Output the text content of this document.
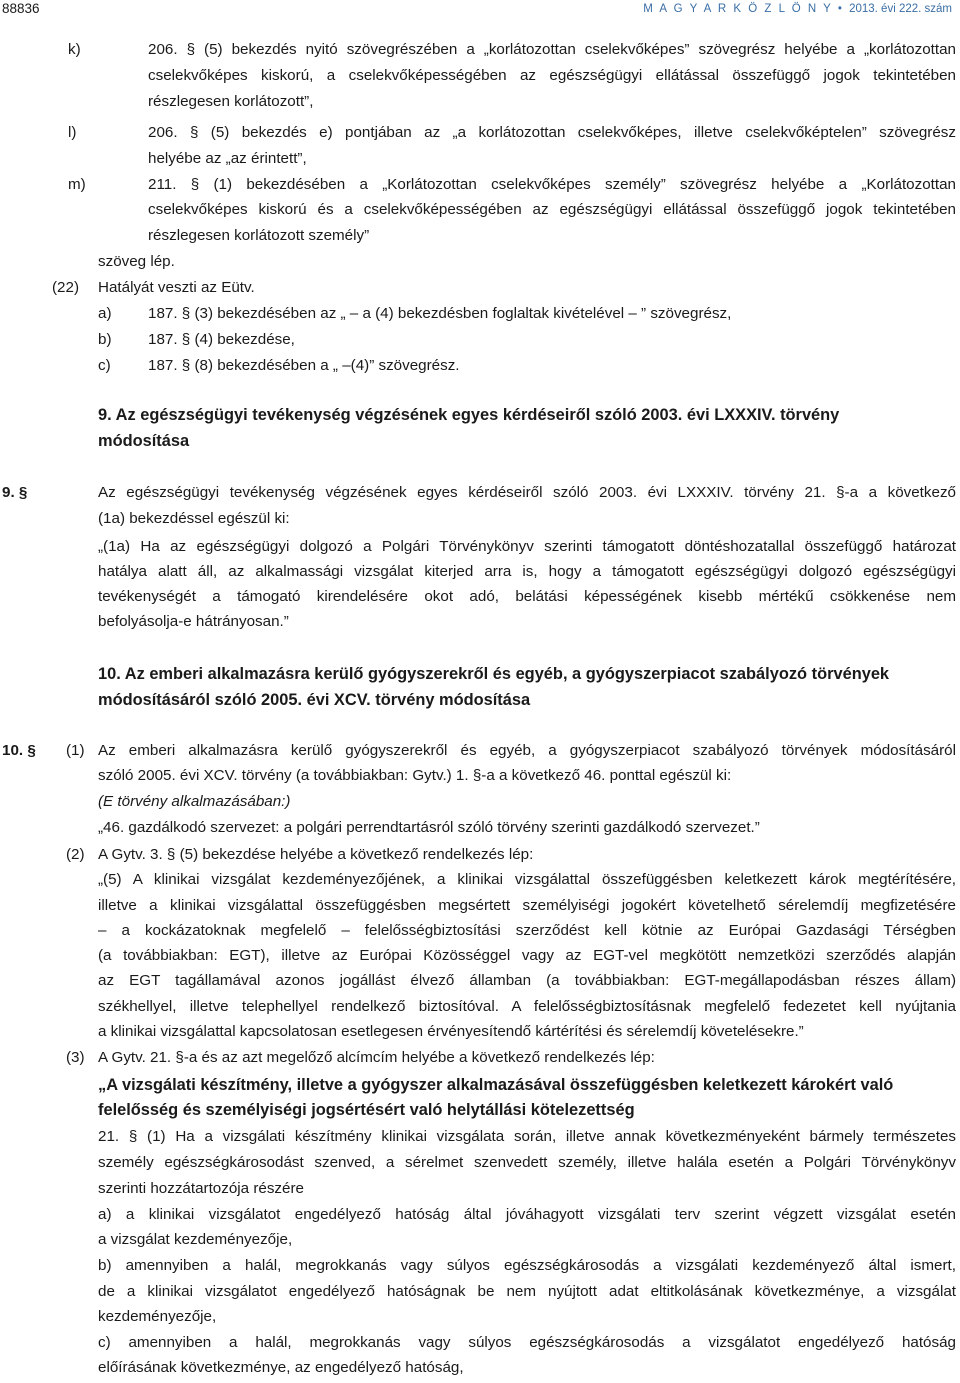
88836	M A G Y A R K Ö Z L Ö N Y • 2013. évi 222. szám
k)	206. § (5) bekezdés nyitó szövegrészében a „korlátozottan cselekvőképes” szövegrész helyébe a „korlátozottan
cselekvőképes kiskorú, a cselekvőképességében az egészségügyi ellátással összefüggő jogok tekintetében
részlegesen korlátozott”,
l)	206. § (5) bekezdés e) pontjában az „a korlátozottan cselekvőképes, illetve cselekvőképtelen” szövegrész
helyébe az „az érintett”,
m)	211. § (1) bekezdésében a „Korlátozottan cselekvőképes személy” szövegrész helyébe a „Korlátozottan
cselekvőképes kiskorú és a cselekvőképességében az egészségügyi ellátással összefüggő jogok tekintetében
részlegesen korlátozott személy”
szöveg lép.
(22) Hatályát veszti az Eütv.
a) 187. § (3) bekezdésében az „ – a (4) bekezdésben foglaltak kivételével – ” szövegrész,
b) 187. § (4) bekezdése,
c) 187. § (8) bekezdésében a „ –(4)” szövegrész.
9. Az egészségügyi tevékenység végzésének egyes kérdéseiről szóló 2003. évi LXXXIV. törvény
módosítása
9. §	Az egészségügyi tevékenység végzésének egyes kérdéseiről szóló 2003. évi LXXXIV. törvény 21. §-a a következő
(1a) bekezdéssel egészül ki:
„(1a) Ha az egészségügyi dolgozó a Polgári Törvénykönyv szerinti támogatott döntéshozatallal összefüggő határozat
hatálya alatt áll, az alkalmassági vizsgálat kiterjed arra is, hogy a támogatott egészségügyi dolgozó egészségügyi
tevékenységét a támogató kirendelésére okot adó, belátási képességének kisebb mértékű csökkenése nem
befolyásolja-e hátrányosan.”
10. Az emberi alkalmazásra kerülő gyógyszerekről és egyéb, a gyógyszerpiacot szabályozó törvények
módosításáról szóló 2005. évi XCV. törvény módosítása
10. § (1) Az emberi alkalmazásra kerülő gyógyszerekről és egyéb, a gyógyszerpiacot szabályozó törvények módosításáról
szóló 2005. évi XCV. törvény (a továbbiakban: Gytv.) 1. §-a a következő 46. ponttal egészül ki:
(E törvény alkalmazásában:)
„46. gazdálkodó szervezet: a polgári perrendtartásról szóló törvény szerinti gazdálkodó szervezet.”
(2) A Gytv. 3. § (5) bekezdése helyébe a következő rendelkezés lép:
„(5) A klinikai vizsgálat kezdeményezőjének, a klinikai vizsgálattal összefüggésben keletkezett károk megtérítésére,
illetve a klinikai vizsgálattal összefüggésben megsértett személyiségi jogokért követelhető sérelemdíj megfizetésére
– a kockázatoknak megfelelő – felelősségbiztosítási szerződést kell kötnie az Európai Gazdasági Térségben
(a továbbiakban: EGT), illetve az Európai Közösséggel vagy az EGT-vel megkötött nemzetközi szerződés alapján
az EGT tagállamával azonos jogállást élvező államban (a továbbiakban: EGT-megállapodásban részes állam)
székhellyel, illetve telephellyel rendelkező biztosítóval. A felelősségbiztosításnak megfelelő fedezetet kell nyújtania
a klinikai vizsgálattal kapcsolatosan esetlegesen érvényesítendő kártérítési és sérelemdíj követelésekre.”
(3) A Gytv. 21. §-a és az azt megelőző alcímcím helyébe a következő rendelkezés lép:
„A vizsgálati készítmény, illetve a gyógyszer alkalmazásával összefüggésben keletkezett károkért való
felelősség és személyiségi jogsértésért való helytállási kötelezettség
21. § (1) Ha a vizsgálati készítmény klinikai vizsgálata során, illetve annak következményeként bármely természetes
személy egészségkárosodást szenved, a sérelmet szenvedett személy, illetve halála esetén a Polgári Törvénykönyv
szerinti hozzátartozója részére
a) a klinikai vizsgálatot engedélyező hatóság által jóváhagyott vizsgálati terv szerint végzett vizsgálat esetén
a vizsgálat kezdeményezője,
b) amennyiben a halál, megrokkanás vagy súlyos egészségkárosodás a vizsgálati kezdeményező által ismert,
de a klinikai vizsgálatot engedélyező hatóságnak be nem nyújtott adat eltitkolásának következménye, a vizsgálat
kezdeményezője,
c) amennyiben a halál, megrokkanás vagy súlyos egészségkárosodás a vizsgálatot engedélyező hatóság
előírásának következménye, az engedélyező hatóság,
